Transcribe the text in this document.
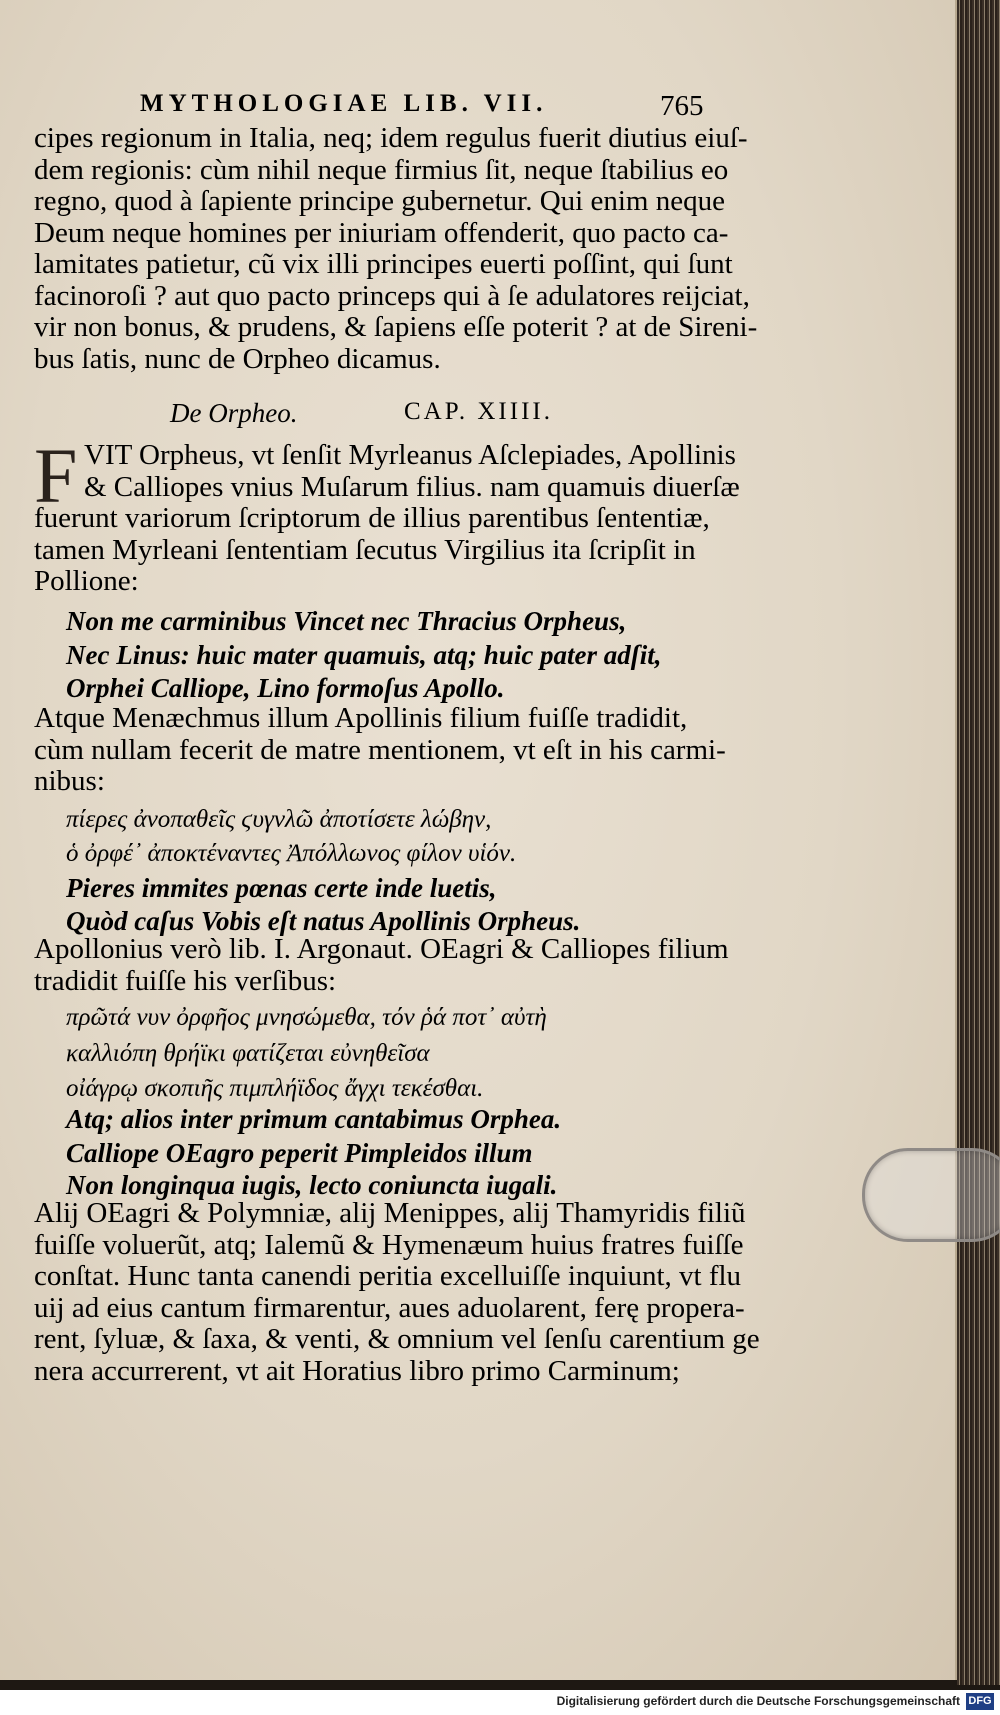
MYTHOLOGIAE LIB. VII.	765
cipes regionum in Italia, neq; idem regulus fuerit diutius eiuſ-
dem regionis: cùm nihil neque firmius ſit, neque ſtabilius eo
regno, quod à ſapiente principe gubernetur. Qui enim neque
Deum neque homines per iniuriam offenderit, quo pacto ca-
lamitates patietur, cũ vix illi principes euerti poſſint, qui ſunt
facinoroſi ? aut quo pacto princeps qui à ſe adulatores reijciat,
vir non bonus, & prudens, & ſapiens eſſe poterit ? at de Sireni-
bus ſatis, nunc de Orpheo dicamus.
De Orpheo.	CAP. XIIII.
F VIT Orpheus, vt ſenſit Myrleanus Aſclepiades, Apollinis
& Calliopes vnius Muſarum filius. nam quamuis diuerſæ
fuerunt variorum ſcriptorum de illius parentibus ſententiæ,
tamen Myrleani ſententiam ſecutus Virgilius ita ſcripſit in
Pollione:
Non me carminibus Vincet nec Thracius Orpheus,
Nec Linus: huic mater quamuis, atq; huic pater adſit,
Orphei Calliope, Lino formoſus Apollo.
Atque Menæchmus illum Apollinis filium fuiſſe tradidit,
cùm nullam fecerit de matre mentionem, vt eſt in his carmi-
nibus:
πίερες ἀνοπαθεῖς ϛυγνλῶ ἀποτίσετε λώβην,
ὁ ὀρφέ᾽ ἀποκτέναντες Ἀπόλλωνος φίλον υἱόν.
Pieres immites pœnas certe inde luetis,
Quòd caſus Vobis eſt natus Apollinis Orpheus.
Apollonius verò lib. I. Argonaut. OEagri & Calliopes filium
tradidit fuiſſe his verſibus:
πρῶτά νυν ὀρφῆος μνησώμεθα, τόν ῥά ποτ᾽ αὐτὴ
καλλιόπη θρήϊκι φατίζεται εὐνηθεῖσα
οἰάγρῳ σκοπιῆς πιμπλήϊδος ἄγχι τεκέσθαι.
Atq; alios inter primum cantabimus Orphea.
Calliope OEagro peperit Pimpleidos illum
Non longinqua iugis, lecto coniuncta iugali.
Alij OEagri & Polymniæ, alij Menippes, alij Thamyridis filiũ
fuiſſe voluerũt, atq; Ialemũ & Hymenæum huius fratres fuiſſe
conſtat. Hunc tanta canendi peritia excelluiſſe inquiunt, vt flu
uij ad eius cantum firmarentur, aues aduolarent, ferę propera-
rent, ſyluæ, & ſaxa, & venti, & omnium vel ſenſu carentium ge
nera accurrerent, vt ait Horatius libro primo Carminum;
Digitalisierung gefördert durch die Deutsche Forschungsgemeinschaft DFG
